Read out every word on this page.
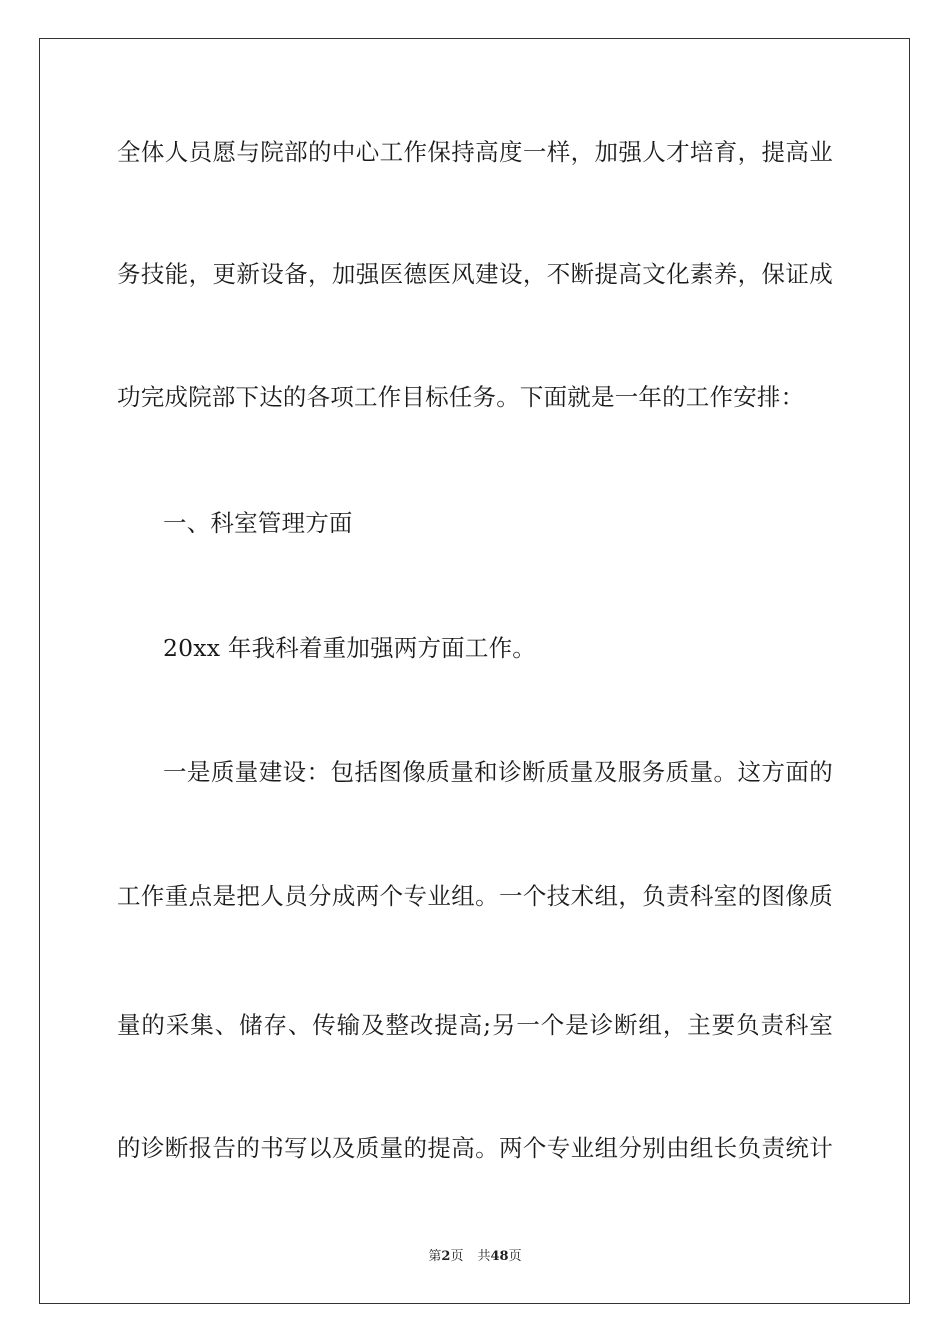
全体人员愿与院部的中心工作保持高度一样，加强人才培育，提高业
务技能，更新设备，加强医德医风建设，不断提高文化素养，保证成
功完成院部下达的各项工作目标任务。下面就是一年的工作安排：
一、科室管理方面
20xx 年我科着重加强两方面工作。
一是质量建设：包括图像质量和诊断质量及服务质量。这方面的
工作重点是把人员分成两个专业组。一个技术组，负责科室的图像质
量的采集、储存、传输及整改提高;另一个是诊断组，主要负责科室
的诊断报告的书写以及质量的提高。两个专业组分别由组长负责统计
第2页 共48页
